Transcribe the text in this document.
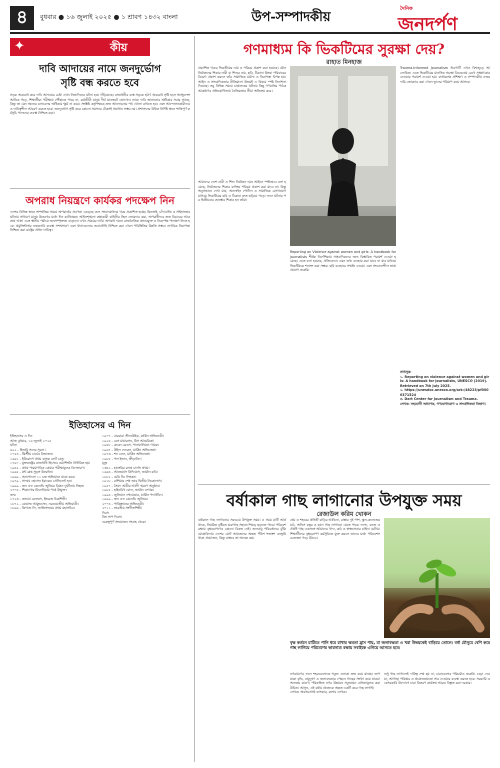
৪	বুধবার ● ১৬ জুলাই ২০২৫ ● ১ শ্রাবণ ১৪৩২ বাংলা	উপ-সম্পাদকীয়
দৈনিক
জনদর্পণ
✦	কীয়
দাবি আদায়ের নামে জনদুর্ভোগ
সৃষ্টি বন্ধ করতে হবে
সড়ক অবরোধ করে দাবি আদায়ের চেষ্টা এখন নিত্যদিনের ঘটনা হয়ে দাঁড়িয়েছে। রাজধানীর ব্যস্ত সড়কে হঠাৎ অবরোধ সৃষ্টি হলে অ্যাম্বুলেন্স আটকে পড়ে, শিক্ষার্থীরা পরীক্ষায় পৌঁছাতে পারে না, কর্মজীবী মানুষ দীর্ঘ যানজটে ভোগেন। ন্যায্য দাবি জানানোর অধিকার সবার আছে, কিন্তু তা যেন অন্যের চলাচলের অধিকার ক্ষুণ্ণ না করে। সংশ্লিষ্ট কর্তৃপক্ষকে দ্রুত আলোচনার পথ খোলা রাখতে হবে এবং আন্দোলনকারীদেরও দায়িত্বশীল আচরণ করতে হবে। জনদুর্ভোগ সৃষ্টি করে কোনো সমস্যার টেকসই সমাধান সম্ভব নয়। প্রশাসনের উচিত নির্দিষ্ট স্থানে শান্তিপূর্ণ কর্মসূচি পালনের ব্যবস্থা নিশ্চিত করা।
অপরাধ নিয়ন্ত্রণে কার্যকর পদক্ষেপ নিন
দেশের বিভিন্ন স্থানে সাম্প্রতিক সময়ে অপরাধের প্রবণতা বেড়েছে বলে সংবাদমাধ্যমে খবর প্রকাশিত হচ্ছে। ছিনতাই, চাঁদাবাজি ও সহিংসতার ঘটনায় সাধারণ মানুষ উদ্বেগের মধ্যে দিন কাটাচ্ছেন। আইনশৃঙ্খলা রক্ষাকারী বাহিনীর টহল জোরদার করা, অপরাধীদের দ্রুত বিচারের আওতায় আনা এবং স্থানীয় পর্যায়ে জনসম্পৃক্ততা বাড়ানো এখন সময়ের দাবি। অপরাধ দমনে রাজনৈতিক প্রভাবমুক্ত ও নিরপেক্ষ পদক্ষেপ নিতে হবে। প্রযুক্তিনির্ভর নজরদারি ব্যবস্থা সম্প্রসারণ এবং থানাগুলোর জবাবদিহি নিশ্চিত করা গেলে পরিস্থিতির উন্নতি সম্ভব। নাগরিক নিরাপত্তা নিশ্চিত করা রাষ্ট্রের প্রধান দায়িত্ব।
ইতিহাসের এ দিন
ইতিহাসের এ দিন
আজ বুধবার, ১৬ জুলাই ২০২৫
ঘটনা
৬২২ - হিজরি সনের সূচনা।
১০৫৪ - খ্রিস্টীয় চার্চের বিভাজন।
১৬৬১ - ইউরোপে প্রথম ব্যাংক নোট চালু।
১৭৯০ - যুক্তরাষ্ট্রের রাজধানী হিসেবে ওয়াশিংটন নির্ধারিত হয়।
১৯৪৫ - প্রথম পারমাণবিক বোমার পরীক্ষামূলক বিস্ফোরণ।
১৯৬৫ - মন্ট ব্লাঙ্ক সুড়ঙ্গ উদ্বোধন।
১৯৬৯ - অ্যাপোলো ১১ চন্দ্র অভিযানে যাত্রা করে।
১৯৭৯ - সাদ্দাম হোসেন ইরাকের প্রেসিডেন্ট হন।
১৯৯৯ - জন এফ কেনেডি জুনিয়র বিমান দুর্ঘটনায় নিহত।
২০০৪ - শিকাগোর মিলেনিয়াম পার্ক উন্মুক্ত।
জন্ম
১৭২৩ - জশুয়া রেনল্ডস, ইংরেজ চিত্রশিল্পী।
১৮৭২ - রোয়াল্ড আমুন্ডসেন, নরওয়েজীয় অভিযাত্রী।
১৮৯৬ - ত্রিগভে লি, জাতিসংঘের প্রথম মহাসচিব।
১৯০৭ - বারবারা স্ট্যানউইক, মার্কিন অভিনেত্রী।
১৯২৪ - বেস মায়ারসন, মিস আমেরিকা।
১৯৪৮ - রুবেন ব্লেডস, পানামানিয়ান গায়ক।
১৯৬৭ - উইল ফেরেল, মার্কিন অভিনেতা।
১৯৭৩ - শন ডেল, মার্কিন অভিনেতা।
১৯৮৫ - পল ইভান, ক্রীড়াবিদ।
মৃত্যু
১৩৪২ - হাঙ্গেরির রাজা চার্লস প্রথম।
১৬৬৪ - আন্দ্রেয়াস গ্রিফিয়াস, জার্মান কবি।
১৮৮২ - মেরি টড লিংকন।
১৯১৮ - রাশিয়ার শেষ জার দ্বিতীয় নিকোলাস।
১৯৫৭ - সৈয়দ আমীর আলী স্মরণে অনুষ্ঠান।
১৯৮৫ - হাইনরিখ বোল, জার্মান লেখক।
১৯৯৪ - জুলিয়ান শোয়েঙার, মার্কিন পদার্থবিদ।
১৯৯৯ - জন এফ কেনেডি জুনিয়র।
২০০৪ - পাকিস্তানের অভিনেত্রী।
২০১১ - ভারতীয় সংগীতশিল্পী।
দিবস
বিশ্ব সাপ দিবস।
গুরুত্বপূর্ণ সংযোজন সংগ্রহ থেকে।
গণমাধ্যম কি ভিকটিমের সুরক্ষা দেয়?
রাহাত মিনহাজ
প্রকাশিত খবরে ভিকটিমের নাম ও পরিচয় প্রকাশ করা হয়েছে। যৌন নির্যাতনের শিকার নারী বা শিশুর নাম, ছবি, ঠিকানা কিংবা পরিবারের বিবরণ প্রকাশ করলে তাঁর সামাজিক মর্যাদা ও নিরাপত্তা বিপন্ন হয়। আইন ও সাংবাদিকতার নীতিমালা উভয়ই এ বিষয়ে স্পষ্ট নির্দেশনা দিয়েছে। তবু বিভিন্ন সময়ে চাঞ্চল্যকর ঘটনায় কিছু গণমাধ্যম পাঠক আকর্ষণের প্রতিযোগিতায় নৈতিকতার সীমা অতিক্রম করে।
আমাদের দেশে নারী ও শিশু নির্যাতন দমন আইনে স্পষ্টভাবে বলা হয়েছে, নির্যাতনের শিকার ব্যক্তির পরিচয় প্রকাশ করা যাবে না। কিন্তু অনুসন্ধানে দেখা যায়, অনলাইন পোর্টাল ও সামাজিক যোগাযোগমাধ্যমে ভিকটিমের ছবি ও ঠিকানা দ্রুত ছড়িয়ে পড়ে। ফলে ঘটনার পর দ্বিতীয়বার হেনস্তার শিকার হন তাঁরা।
Reporting on Violence against women and girls: A handbook for journalists শীর্ষক নির্দেশিকায় সাংবাদিকদের জন্য বিস্তারিত পরামর্শ দেওয়া হয়েছে। এতে বলা হয়েছে, প্রতিবেদনে এমন তথ্য ব্যবহার করা যাবে না যার মাধ্যমে ভিকটিমকে শনাক্ত করা সম্ভব। ছবি ব্যবহারে সম্মতি নেওয়া এবং সংবেদনশীল ভাষা প্রয়োগ জরুরি।
Trauma-Informed Journalism ধারণাটি এখন বিশ্বজুড়ে আলোচিত। এতে ভিকটিমের মানসিক অবস্থা বিবেচনায় রেখে সাক্ষাৎকার নেওয়ার পরামর্শ দেওয়া হয়। বার্তাকক্ষে প্রশিক্ষণ ও সম্পাদকীয় নজরদারি জোরদার করা গেলে ভুলের পরিমাণ কমে আসবে।
তথ্যসূত্র:
১. Reporting on violence against women and girls: A handbook for journalists, UNESCO (2019). Retrieved on 7th July 2025.
২. https://unesdoc.unesco.org/ark:/48223/pf0000371524
৩. Dart Center for Journalism and Trauma.
লেখক: সহযোগী অধ্যাপক, গণযোগাযোগ ও সাংবাদিকতা বিভাগ।
বর্ষাকাল গাছ লাগানোর উপযুক্ত সময়
রেজাউল করিম খোকন
বর্ষাকাল গাছ লাগানোর সবচেয়ে উপযুক্ত সময়। এ সময় মাটি আর্দ্র থাকে, নিয়মিত বৃষ্টিতে চারাগাছ সহজে শিকড় ছড়াতে পারে। পরিবেশ রক্ষায় বৃক্ষরোপণের কোনো বিকল্প নেই। জলবায়ু পরিবর্তনের ঝুঁকি মোকাবিলায় দেশের মোট আয়তনের অন্তত পঁচিশ শতাংশ বনভূমি থাকা প্রয়োজন, কিন্তু বাস্তবে তা অনেক কম।
গ্রাম ও শহরের প্রতিটি বাড়ির আঙিনা, রাস্তার দুই পাশ, স্কুল-কলেজের মাঠ, অফিস চত্বর ও ছাদে গাছ লাগানো যেতে পারে। ফলদ, বনজ ও ঔষধি গাছ একসঙ্গে আমাদের খাদ্য, কাঠ ও স্বাস্থ্যসেবার চাহিদা মেটায়। শিক্ষার্থীদের বৃক্ষরোপণ কর্মসূচিতে যুক্ত করলে তাদের মধ্যে পরিবেশসচেতনতা গড়ে উঠবে।
বৃক্ষ কর্তনে মাটিতে পানি ধরে রাখার ক্ষমতা হ্রাস পায়, যা জলাবদ্ধতা ও খরা উভয়কেই বাড়িয়ে তোলে। বর্ষা মৌসুমে বেশি করে গাছ লাগিয়ে পরিবেশের ভারসাম্য রক্ষায় সবাইকে এগিয়ে আসতে হবে।
শুধু গাছ লাগালেই দায়িত্ব শেষ হয় না, চারাগুলোর পরিচর্যাও জরুরি। বেড়া দেওয়া, আগাছা পরিষ্কার ও প্রয়োজনমতো সার দেওয়ার ব্যবস্থা করতে হবে। সরকারি ও বেসরকারি উদ্যোগে চারা বিতরণ কার্যক্রম আরও বিস্তৃত করা দরকার।
নগরায়ণের ফলে শহরগুলোতে সবুজ এলাকা দ্রুত কমে যাচ্ছে। তাপমাত্রা বৃদ্ধি, বায়ুদূষণ ও জলাবদ্ধতার পেছনে গাছের সংখ্যা কমে যাওয়া অন্যতম কারণ। পরিকল্পিত নগর উন্নয়নে সবুজায়ন বাধ্যতামূলক করা উচিত। আসুন, এই বর্ষায় প্রত্যেকে অন্তত একটি করে গাছ লাগাই।
লেখক: অবসরপ্রাপ্ত ব্যাংকার, কলাম লেখক।
